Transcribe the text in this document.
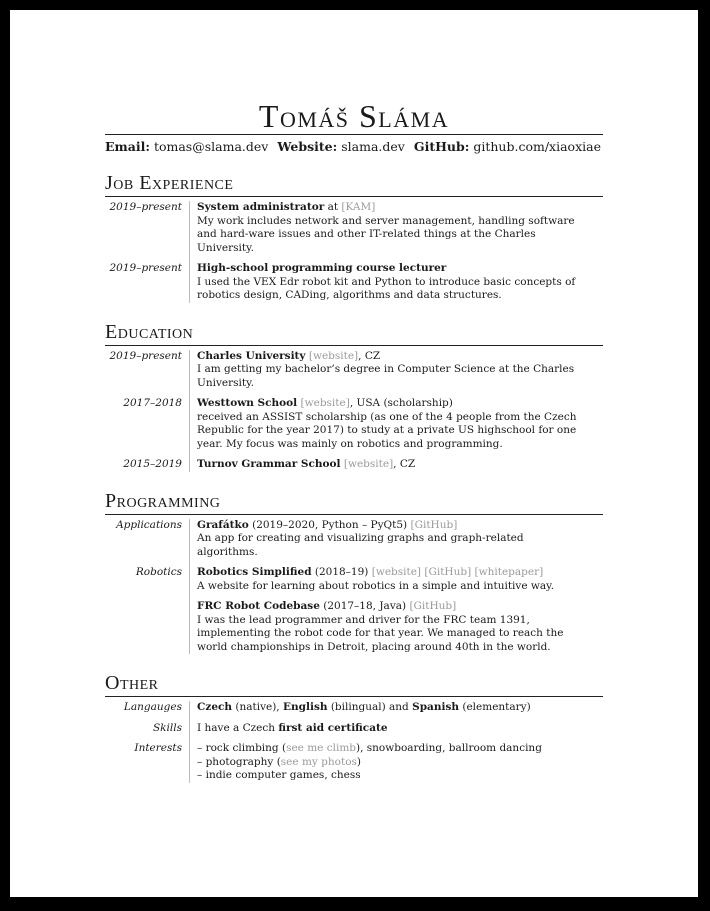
Tomáš Sláma
Email: tomas@slama.dev Website: slama.dev GitHub: github.com/xiaoxiae
Job Experience
2019–present	System administrator at [KAM]
My work includes network and server management, handling software and hard-ware issues and other IT-related things at the Charles University.
2019–present	High-school programming course lecturer
I used the VEX Edr robot kit and Python to introduce basic concepts of robotics design, CADing, algorithms and data structures.
Education
2019–present	Charles University [website], CZ
I am getting my bachelor’s degree in Computer Science at the Charles University.
2017–2018	Westtown School [website], USA (scholarship)
received an ASSIST scholarship (as one of the 4 people from the Czech Republic for the year 2017) to study at a private US highschool for one year. My focus was mainly on robotics and programming.
2015–2019	Turnov Grammar School [website], CZ
Programming
Applications	Grafátko (2019–2020, Python – PyQt5) [GitHub]
An app for creating and visualizing graphs and graph-related algorithms.
Robotics	Robotics Simplified (2018–19) [website] [GitHub] [whitepaper]
A website for learning about robotics in a simple and intuitive way.
FRC Robot Codebase (2017–18, Java) [GitHub]
I was the lead programmer and driver for the FRC team 1391, implementing the robot code for that year. We managed to reach the world championships in Detroit, placing around 40th in the world.
Other
Langauges	Czech (native), English (bilingual) and Spanish (elementary)
Skills	I have a Czech first aid certificate
Interests	– rock climbing (see me climb), snowboarding, ballroom dancing
– photography (see my photos)
– indie computer games, chess
